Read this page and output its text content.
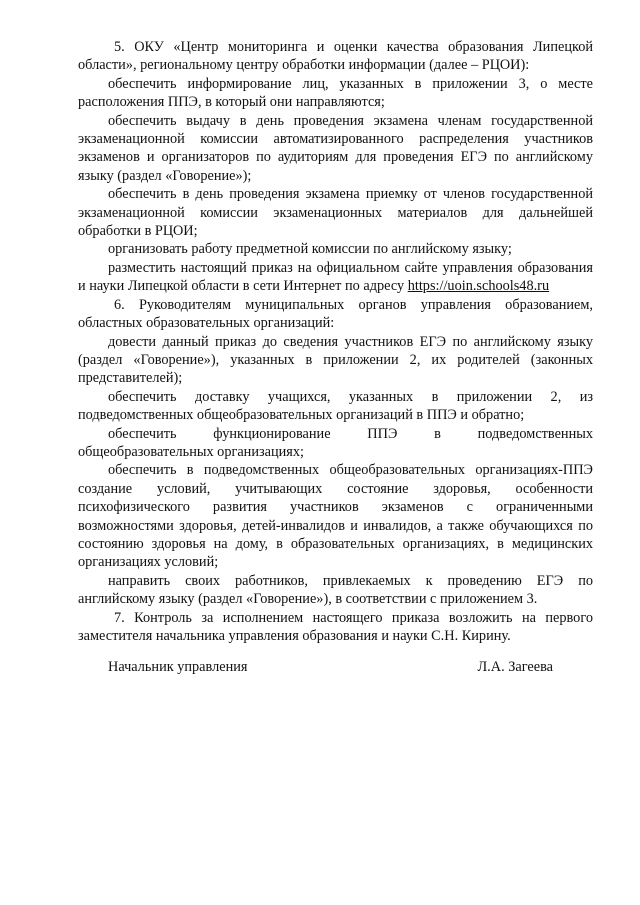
5. ОКУ «Центр мониторинга и оценки качества образования Липецкой области», региональному центру обработки информации (далее – РЦОИ):

обеспечить информирование лиц, указанных в приложении 3, о месте расположения ППЭ, в который они направляются;

обеспечить выдачу в день проведения экзамена членам государственной экзаменационной комиссии автоматизированного распределения участников экзаменов и организаторов по аудиториям для проведения ЕГЭ по английскому языку (раздел «Говорение»);

обеспечить в день проведения экзамена приемку от членов государственной экзаменационной комиссии экзаменационных материалов для дальнейшей обработки в РЦОИ;

организовать работу предметной комиссии по английскому языку;

разместить настоящий приказ на официальном сайте управления образования и науки Липецкой области в сети Интернет по адресу https://uoin.schools48.ru

6. Руководителям муниципальных органов управления образованием, областных образовательных организаций:

довести данный приказ до сведения участников ЕГЭ по английскому языку (раздел «Говорение»), указанных в приложении 2, их родителей (законных представителей);

обеспечить доставку учащихся, указанных в приложении 2, из подведомственных общеобразовательных организаций в ППЭ и обратно;

обеспечить функционирование ППЭ в подведомственных общеобразовательных организациях;

обеспечить в подведомственных общеобразовательных организациях-ППЭ создание условий, учитывающих состояние здоровья, особенности психофизического развития участников экзаменов с ограниченными возможностями здоровья, детей-инвалидов и инвалидов, а также обучающихся по состоянию здоровья на дому, в образовательных организациях, в медицинских организациях условий;

направить своих работников, привлекаемых к проведению ЕГЭ по английскому языку (раздел «Говорение»), в соответствии с приложением 3.

7. Контроль за исполнением настоящего приказа возложить на первого заместителя начальника управления образования и науки С.Н. Кирину.

Начальник управления	Л.А. Загеева
